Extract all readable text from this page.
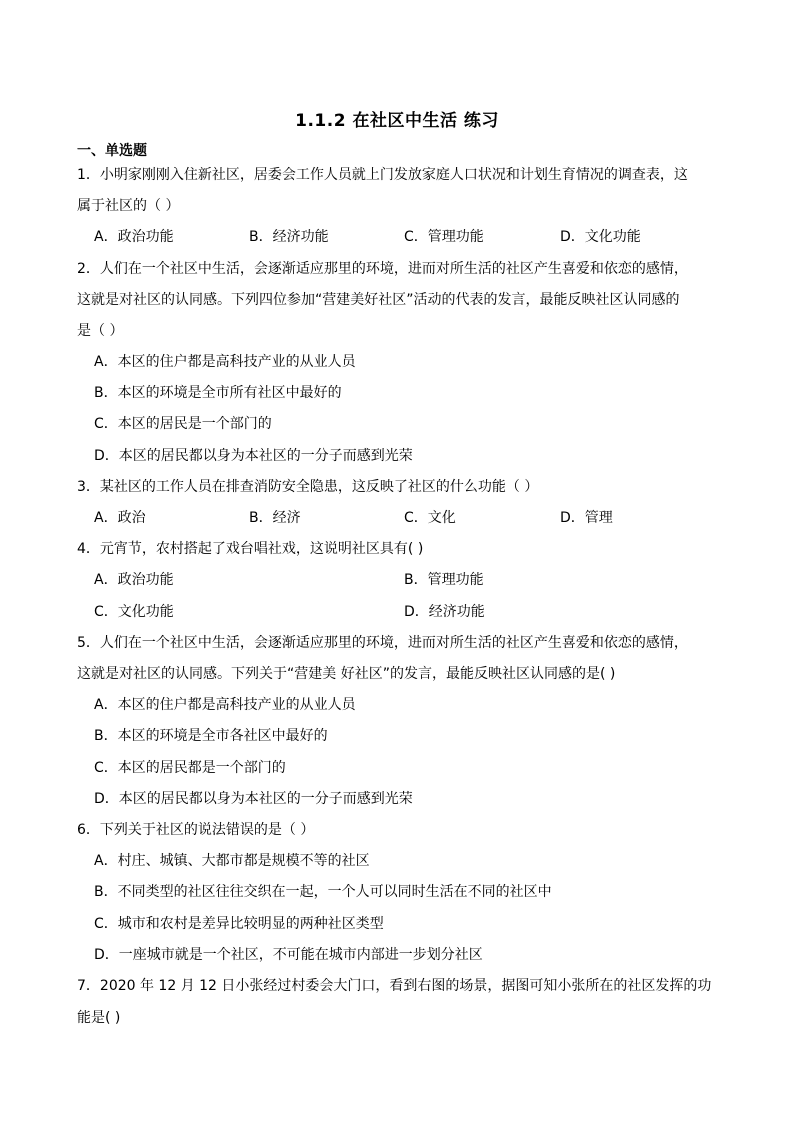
1.1.2 在社区中生活 练习
一、单选题
1．小明家刚刚入住新社区，居委会工作人员就上门发放家庭人口状况和计划生育情况的调查表，这
属于社区的（ ）
A．政治功能	B．经济功能	C．管理功能	D．文化功能
2．人们在一个社区中生活，会逐渐适应那里的环境，进而对所生活的社区产生喜爱和依恋的感情，
这就是对社区的认同感。下列四位参加“营建美好社区”活动的代表的发言，最能反映社区认同感的
是（ ）
A．本区的住户都是高科技产业的从业人员
B．本区的环境是全市所有社区中最好的
C．本区的居民是一个部门的
D．本区的居民都以身为本社区的一分子而感到光荣
3．某社区的工作人员在排查消防安全隐患，这反映了社区的什么功能（ ）
A．政治	B．经济	C．文化	D．管理
4．元宵节，农村搭起了戏台唱社戏，这说明社区具有( )
A．政治功能	B．管理功能
C．文化功能	D．经济功能
5．人们在一个社区中生活，会逐渐适应那里的环境，进而对所生活的社区产生喜爱和依恋的感情，
这就是对社区的认同感。下列关于“营建美 好社区”的发言，最能反映社区认同感的是( )
A．本区的住户都是高科技产业的从业人员
B．本区的环境是全市各社区中最好的
C．本区的居民都是一个部门的
D．本区的居民都以身为本社区的一分子而感到光荣
6．下列关于社区的说法错误的是（ ）
A．村庄、城镇、大都市都是规模不等的社区
B．不同类型的社区往往交织在一起，一个人可以同时生活在不同的社区中
C．城市和农村是差异比较明显的两种社区类型
D．一座城市就是一个社区，不可能在城市内部进一步划分社区
7．2020 年 12 月 12 日小张经过村委会大门口，看到右图的场景，据图可知小张所在的社区发挥的功
能是( )
